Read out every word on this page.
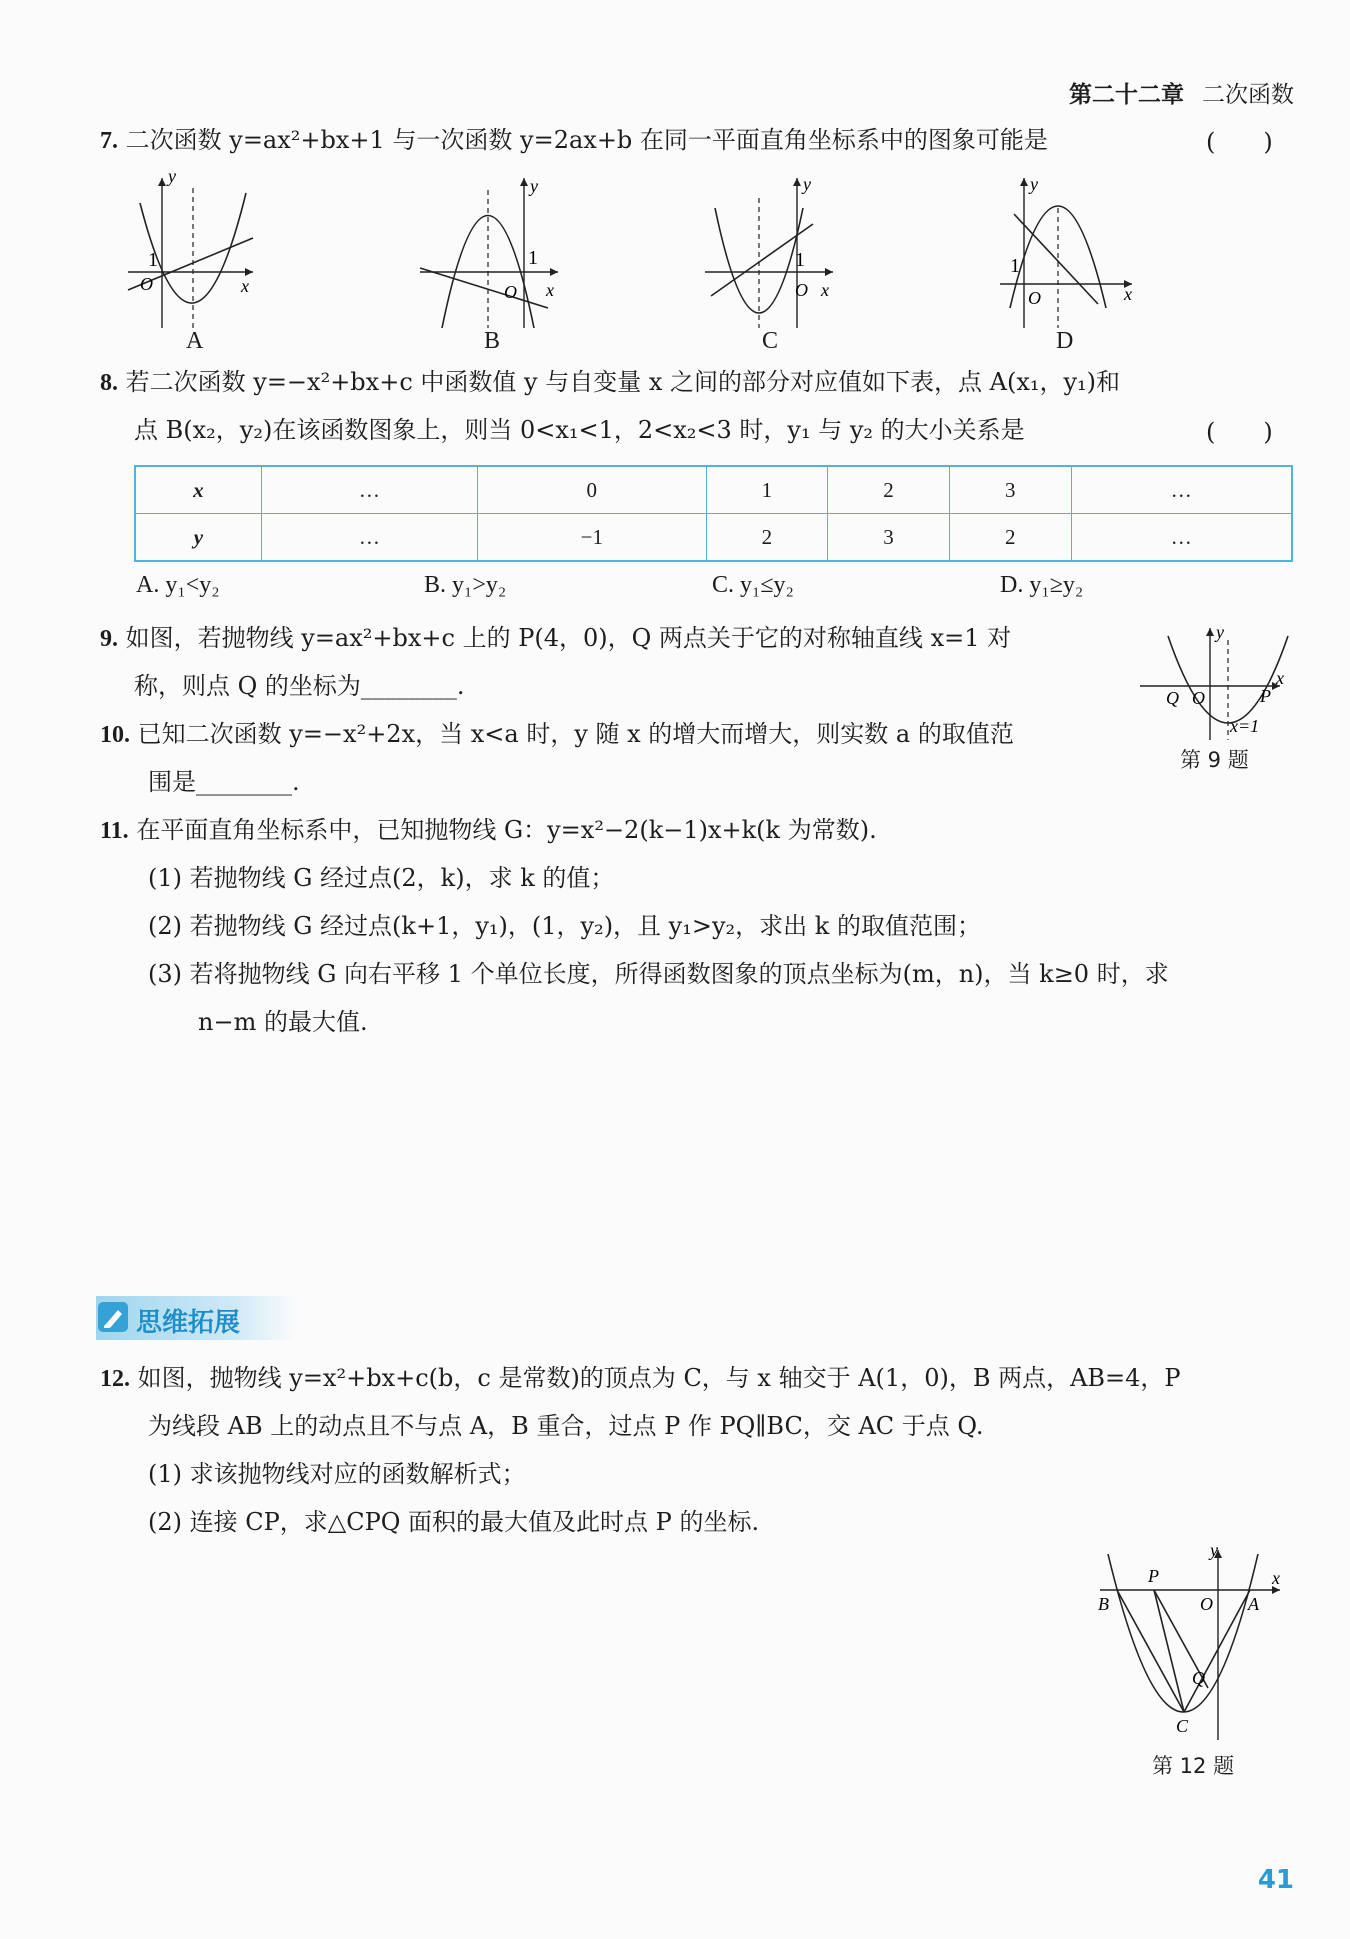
第二十二章 二次函数
7. 二次函数 y=ax²+bx+1 与一次函数 y=2ax+b 在同一平面直角坐标系中的图象可能是	(　　)
y
x
O
1
A
y
x
O
1
B
y
x
O
1
C
y
x
O
1
D
8. 若二次函数 y=−x²+bx+c 中函数值 y 与自变量 x 之间的部分对应值如下表，点 A(x₁，y₁)和
点 B(x₂，y₂)在该函数图象上，则当 0<x₁<1，2<x₂<3 时，y₁ 与 y₂ 的大小关系是	(　　)
x	…	0	1	2	3	…
y	…	−1	2	3	2	…
A. y₁<y₂	B. y₁>y₂	C. y₁≤y₂	D. y₁≥y₂
9. 如图，若抛物线 y=ax²+bx+c 上的 P(4，0)，Q 两点关于它的对称轴直线 x=1 对
称，则点 Q 的坐标为________.
y
x
Q O	P
x=1
第 9 题
10. 已知二次函数 y=−x²+2x，当 x<a 时，y 随 x 的增大而增大，则实数 a 的取值范
围是________.
11. 在平面直角坐标系中，已知抛物线 G：y=x²−2(k−1)x+k(k 为常数).
(1) 若抛物线 G 经过点(2，k)，求 k 的值；
(2) 若抛物线 G 经过点(k+1，y₁)，(1，y₂)，且 y₁>y₂，求出 k 的取值范围；
(3) 若将抛物线 G 向右平移 1 个单位长度，所得函数图象的顶点坐标为(m，n)，当 k≥0 时，求
n−m 的最大值.
思维拓展
12. 如图，抛物线 y=x²+bx+c(b，c 是常数)的顶点为 C，与 x 轴交于 A(1，0)，B 两点，AB=4，P
为线段 AB 上的动点且不与点 A，B 重合，过点 P 作 PQ∥BC，交 AC 于点 Q.
(1) 求该抛物线对应的函数解析式；
(2) 连接 CP，求△CPQ 面积的最大值及此时点 P 的坐标.
y
x
B
P
O A
Q
C
第 12 题
41
